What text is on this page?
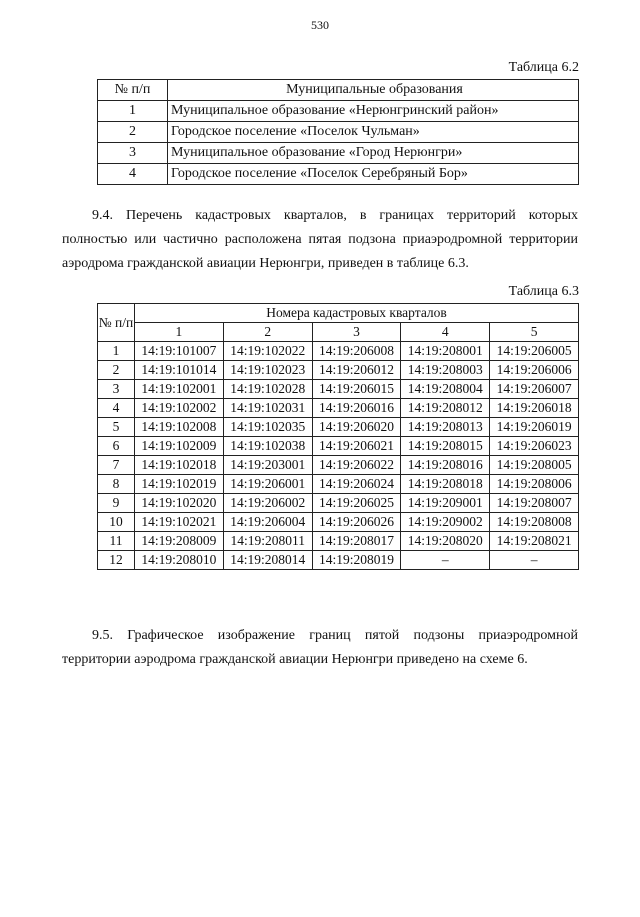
530
Таблица 6.2
№ п/п	Муниципальные образования
1	Муниципальное образование «Нерюнгринский район»
2	Городское поселение «Поселок Чульман»
3	Муниципальное образование «Город Нерюнгри»
4	Городское поселение «Поселок Серебряный Бор»
9.4. Перечень кадастровых кварталов, в границах территорий которых
полностью или частично расположена пятая подзона приаэродромной территории
аэродрома гражданской авиации Нерюнгри, приведен в таблице 6.3.
Таблица 6.3
№ п/п	Номера кадастровых кварталов				
	1	2	3	4	5
1	14:19:101007	14:19:102022	14:19:206008	14:19:208001	14:19:206005
2	14:19:101014	14:19:102023	14:19:206012	14:19:208003	14:19:206006
3	14:19:102001	14:19:102028	14:19:206015	14:19:208004	14:19:206007
4	14:19:102002	14:19:102031	14:19:206016	14:19:208012	14:19:206018
5	14:19:102008	14:19:102035	14:19:206020	14:19:208013	14:19:206019
6	14:19:102009	14:19:102038	14:19:206021	14:19:208015	14:19:206023
7	14:19:102018	14:19:203001	14:19:206022	14:19:208016	14:19:208005
8	14:19:102019	14:19:206001	14:19:206024	14:19:208018	14:19:208006
9	14:19:102020	14:19:206002	14:19:206025	14:19:209001	14:19:208007
10	14:19:102021	14:19:206004	14:19:206026	14:19:209002	14:19:208008
11	14:19:208009	14:19:208011	14:19:208017	14:19:208020	14:19:208021
12	14:19:208010	14:19:208014	14:19:208019	–	–
9.5. Графическое изображение границ пятой подзоны приаэродромной
территории аэродрома гражданской авиации Нерюнгри приведено на схеме 6.
